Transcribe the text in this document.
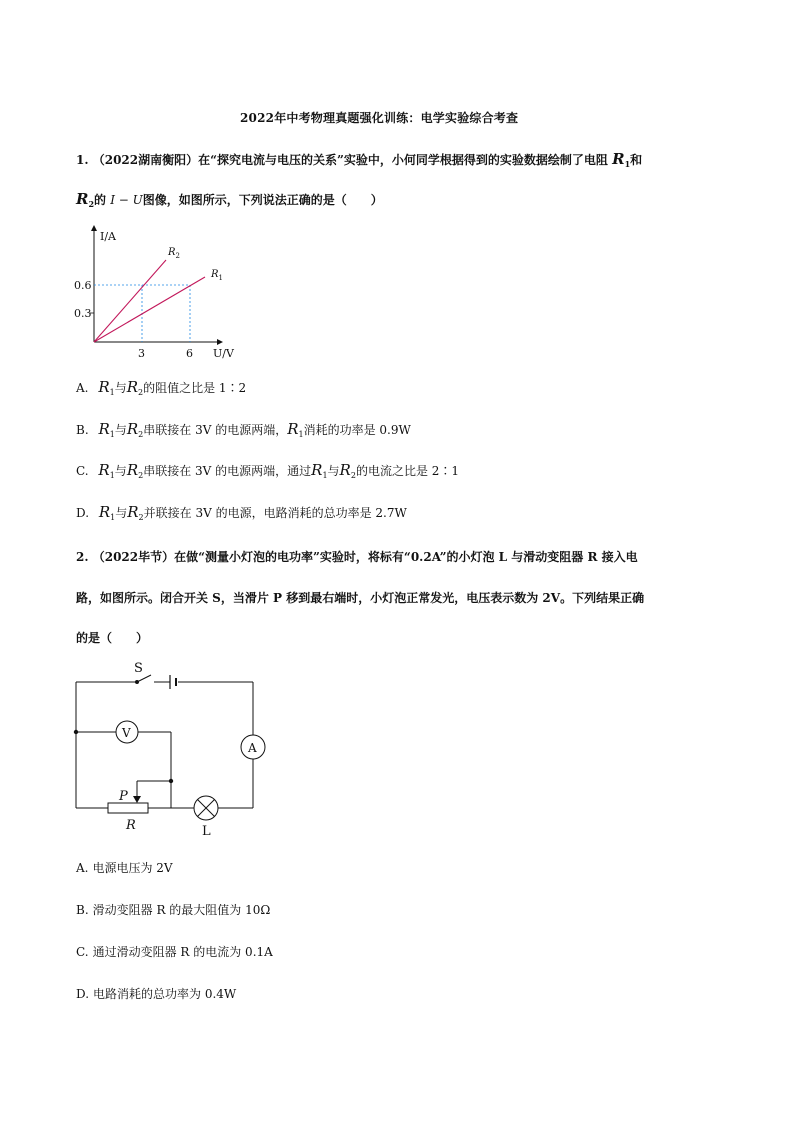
2022年中考物理真题强化训练：电学实验综合考查
1. （2022湖南衡阳）在“探究电流与电压的关系”实验中，小何同学根据得到的实验数据绘制了电阻 $R_1$和
$R_2$的 I − U图像，如图所示，下列说法正确的是（　　）
I/A
U/V
0.6
0.3
3	6
$R_2$
$R_1$
A. $R_1$与$R_2$的阻值之比是 1∶2
B. $R_1$与$R_2$串联接在 3V 的电源两端，$R_1$消耗的功率是 0.9W
C. $R_1$与$R_2$串联接在 3V 的电源两端，通过$R_1$与$R_2$的电流之比是 2∶1
D. $R_1$与$R_2$并联接在 3V 的电源，电路消耗的总功率是 2.7W
2. （2022毕节）在做“测量小灯泡的电功率”实验时，将标有“0.2A”的小灯泡 L 与滑动变阻器 R 接入电
路，如图所示。闭合开关 S，当滑片 P 移到最右端时，小灯泡正常发光，电压表示数为 2V。下列结果正确
的是（　　）
S
V
A
P
R	L
A. 电源电压为 2V
B. 滑动变阻器 R 的最大阻值为 10Ω
C. 通过滑动变阻器 R 的电流为 0.1A
D. 电路消耗的总功率为 0.4W
